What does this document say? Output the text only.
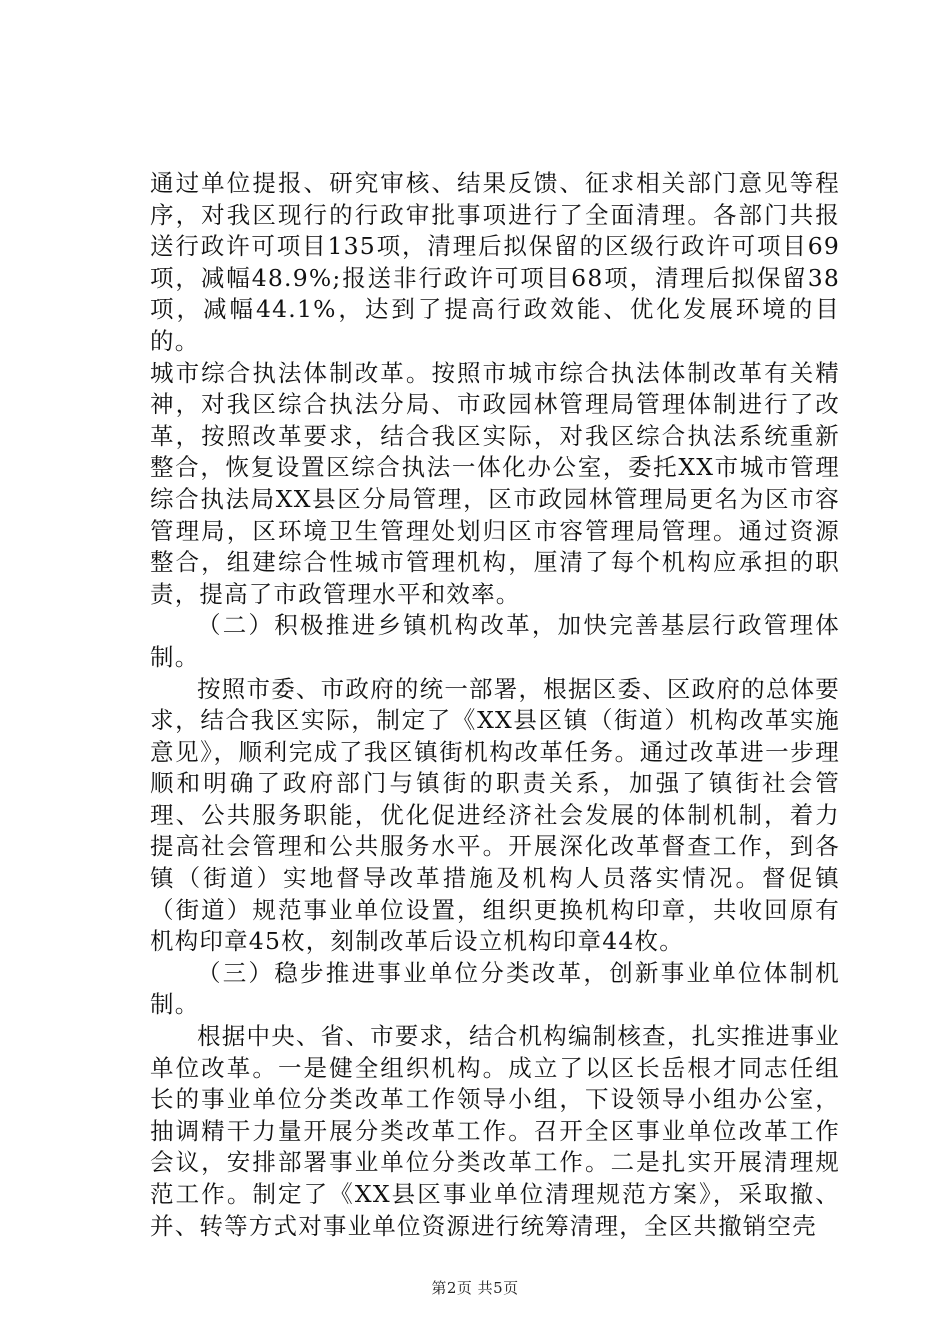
通过单位提报、研究审核、结果反馈、征求相关部门意见等程序，对我区现行的行政审批事项进行了全面清理。各部门共报送行政许可项目135项，清理后拟保留的区级行政许可项目69项，减幅48.9%;报送非行政许可项目68项，清理后拟保留38项，减幅44.1%，达到了提高行政效能、优化发展环境的目的。

城市综合执法体制改革。按照市城市综合执法体制改革有关精神，对我区综合执法分局、市政园林管理局管理体制进行了改革，按照改革要求，结合我区实际，对我区综合执法系统重新整合，恢复设置区综合执法一体化办公室，委托XX市城市管理综合执法局XX县区分局管理，区市政园林管理局更名为区市容管理局，区环境卫生管理处划归区市容管理局管理。通过资源整合，组建综合性城市管理机构，厘清了每个机构应承担的职责，提高了市政管理水平和效率。

（二）积极推进乡镇机构改革，加快完善基层行政管理体制。

按照市委、市政府的统一部署，根据区委、区政府的总体要求，结合我区实际，制定了《XX县区镇（街道）机构改革实施意见》，顺利完成了我区镇街机构改革任务。通过改革进一步理顺和明确了政府部门与镇街的职责关系，加强了镇街社会管理、公共服务职能，优化促进经济社会发展的体制机制，着力提高社会管理和公共服务水平。开展深化改革督查工作，到各镇（街道）实地督导改革措施及机构人员落实情况。督促镇（街道）规范事业单位设置，组织更换机构印章，共收回原有机构印章45枚，刻制改革后设立机构印章44枚。

（三）稳步推进事业单位分类改革，创新事业单位体制机制。

根据中央、省、市要求，结合机构编制核查，扎实推进事业单位改革。一是健全组织机构。成立了以区长岳根才同志任组长的事业单位分类改革工作领导小组，下设领导小组办公室，抽调精干力量开展分类改革工作。召开全区事业单位改革工作会议，安排部署事业单位分类改革工作。二是扎实开展清理规范工作。制定了《XX县区事业单位清理规范方案》，采取撤、并、转等方式对事业单位资源进行统筹清理，全区共撤销空壳

第2页 共5页
